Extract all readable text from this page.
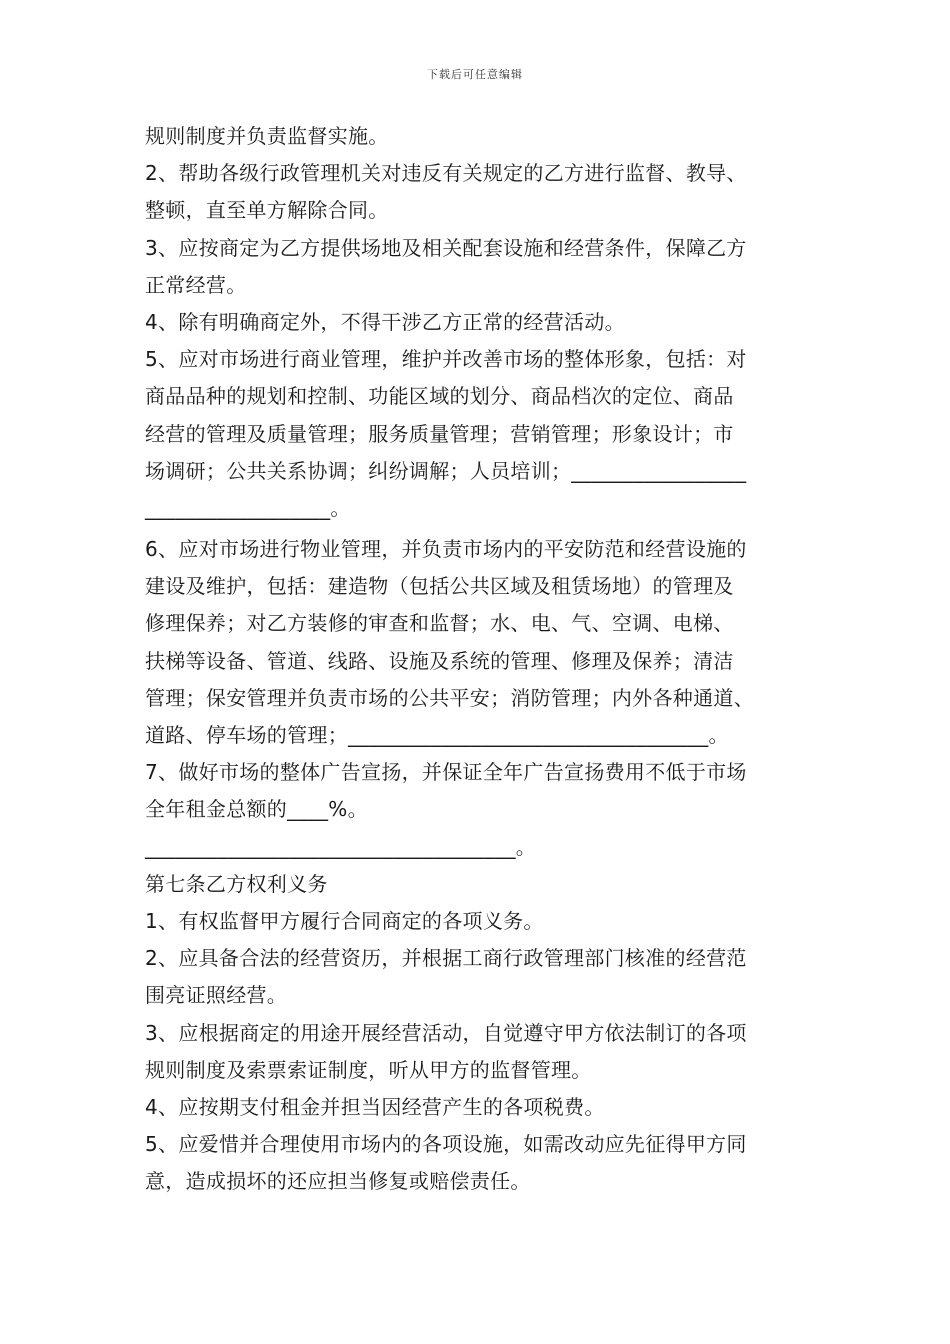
下载后可任意编辑
规则制度并负责监督实施。
2、帮助各级行政管理机关对违反有关规定的乙方进行监督、教导、
整顿，直至单方解除合同。
3、应按商定为乙方提供场地及相关配套设施和经营条件，保障乙方
正常经营。
4、除有明确商定外，不得干涉乙方正常的经营活动。
5、应对市场进行商业管理，维护并改善市场的整体形象，包括：对
商品品种的规划和控制、功能区域的划分、商品档次的定位、商品
经营的管理及质量管理；服务质量管理；营销管理；形象设计；市
场调研；公共关系协调；纠纷调解；人员培训；_________________
__________________。
6、应对市场进行物业管理，并负责市场内的平安防范和经营设施的
建设及维护，包括：建造物（包括公共区域及租赁场地）的管理及
修理保养；对乙方装修的审查和监督；水、电、气、空调、电梯、
扶梯等设备、管道、线路、设施及系统的管理、修理及保养；清洁
管理；保安管理并负责市场的公共平安；消防管理；内外各种通道、
道路、停车场的管理；___________________________________。
7、做好市场的整体广告宣扬，并保证全年广告宣扬费用不低于市场
全年租金总额的____%。
____________________________________。
第七条乙方权利义务
1、有权监督甲方履行合同商定的各项义务。
2、应具备合法的经营资历，并根据工商行政管理部门核准的经营范
围亮证照经营。
3、应根据商定的用途开展经营活动，自觉遵守甲方依法制订的各项
规则制度及索票索证制度，听从甲方的监督管理。
4、应按期支付租金并担当因经营产生的各项税费。
5、应爱惜并合理使用市场内的各项设施，如需改动应先征得甲方同
意，造成损坏的还应担当修复或赔偿责任。
